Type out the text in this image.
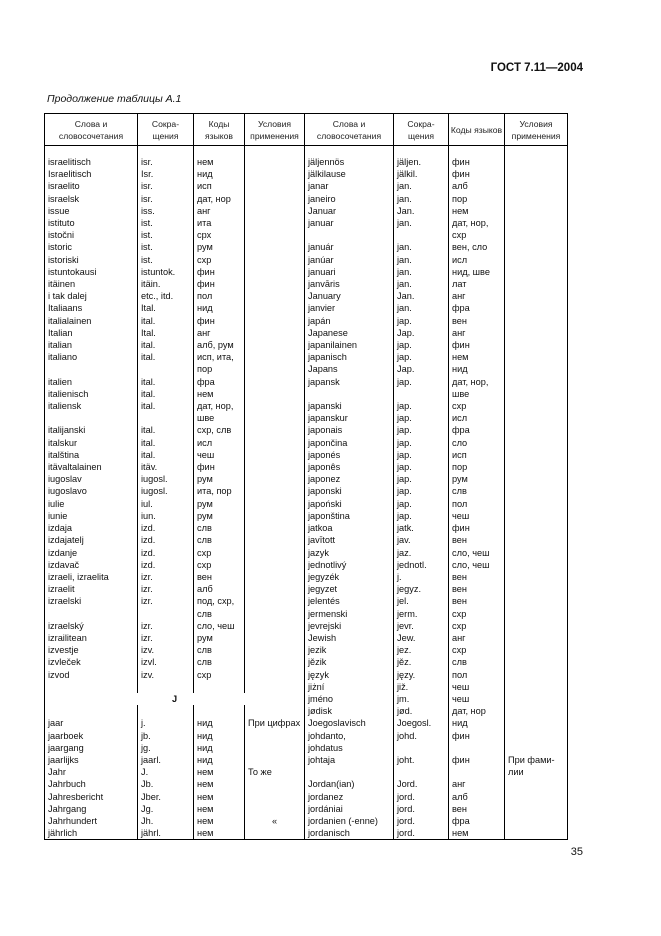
ГОСТ 7.11—2004
Продолжение таблицы А.1
Слова и словосочетания	Сокра-щения	Коды языков	Условия применения	Слова и словосочетания	Сокра-щения	Коды языков	Условия применения

israelitisch	isr.	нем		jäljennös	jäljen.	фин	
Israelitisch	Isr.	нид		jälkilause	jälkil.	фин	
israelito	isr.	исп		janar	jan.	алб	
israelsk	isr.	дат, нор		janeiro	jan.	пор	
issue	iss.	анг		Januar	Jan.	нем	
istituto	ist.	ита		januar	jan.	дат, нор,	
istočni	ist.	срх				схр	
istoric	ist.	рум		január	jan.	вен, сло	
istoriski	ist.	схр		janúar	jan.	исл	
istuntokausi	istuntok.	фин		januari	jan.	нид, шве	
itäinen	itäin.	фин		janvāris	jan.	лат	
i tak dalej	etc., itd.	пол		January	Jan.	анг	
Italiaans	Ital.	нид		janvier	jan.	фра	
italialainen	ital.	фин		japán	jap.	вен	
Italian	Ital.	анг		Japanese	Jap.	анг	
italian	ital.	алб, рум		japanilainen	jap.	фин	
italiano	ital.	исп, ита,		japanisch	jap.	нем	
		пор		Japans	Jap.	нид	
italien	ital.	фра		japansk	jap.	дат, нор,	
italienisch	ital.	нем				шве	
italiensk	ital.	дат, нор,		japanski	jap.	схр	
		шве		japanskur	jap.	исл	
italijanski	ital.	схр, слв		japonais	jap.	фра	
italskur	ital.	исл		japončina	jap.	сло	
italština	ital.	чеш		japonés	jap.	исп	
itävaltalainen	itäv.	фин		japonês	jap.	пор	
iugoslav	iugosl.	рум		japonez	jap.	рум	
iugoslavo	iugosl.	ита, пор		japonski	jap.	слв	
iulie	iul.	рум		japoński	jap.	пол	
iunie	iun.	рум		japonština	jap.	чеш	
izdaja	izd.	слв		jatkoa	jatk.	фин	
izdajatelj	izd.	слв		javītott	jav.	вен	
izdanje	izd.	схр		jazyk	jaz.	сло, чеш	
izdavač	izd.	схр		jednotlivý	jednotl.	сло, чеш	
izraeli, izraelita	izr.	вен		jegyzék	j.	вен	
izraelit	izr.	алб		jegyzet	jegyz.	вен	
izraelski	izr.	под, схр,		jelentés	jel.	вен	
		слв		jermenski	jerm.	схр	
izraelský	izr.	сло, чеш		jevrejski	jevr.	схр	
izrailitean	izr.	рум		Jewish	Jew.	анг	
izvestje	izv.	слв		jezik	jez.	схр	
izvleček	izvl.	слв		jězik	jěz.	слв	
izvod	izv.	схр		język	języ.	пол	
				jiżní	již.	чеш	
J				jméno	jm.	чеш	
				jødisk	jød.	дат, нор	
jaar	j.	нид	При цифрах	Joegoslavisch	Joegosl.	нид	
jaarboek	jb.	нид		johdanto,	johd.	фин	
jaargang	jg.	нид		johdatus			
jaarlijks	jaarl.	нид		johtaja	joht.	фин	При фами-
Jahr	J.	нем	То же				лии
Jahrbuch	Jb.	нем		Jordan(ian)	Jord.	анг	
Jahresbericht	Jber.	нем		jordanez	jord.	алб	
Jahrgang	Jg.	нем		jordániai	jord.	вен	
Jahrhundert	Jh.	нем	«	jordanien (-enne)	jord.	фра	
jährlich	jährl.	нем		jordanisch	jord.	нем	
35
